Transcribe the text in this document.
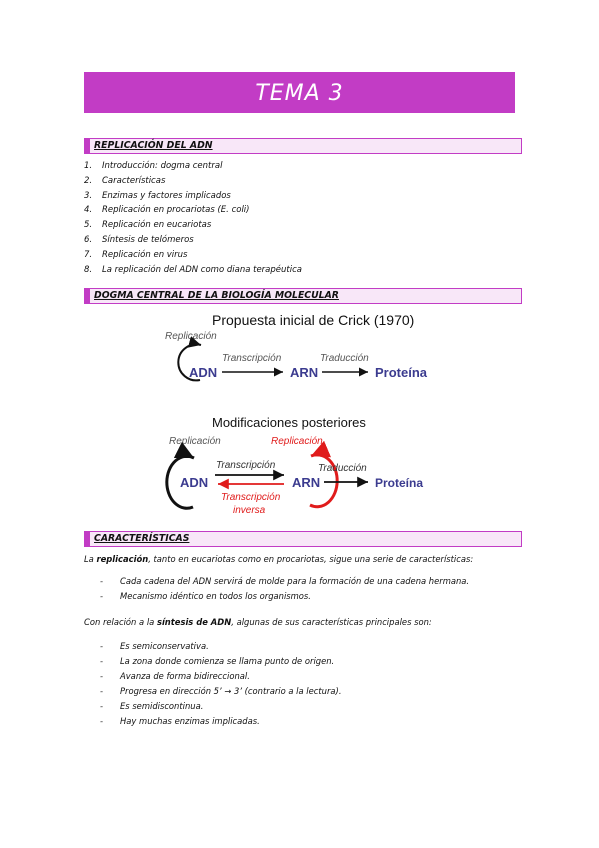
TEMA 3
REPLICACIÓN DEL ADN
1. Introducción: dogma central
2. Características
3. Enzimas y factores implicados
4. Replicación en procariotas (E. coli)
5. Replicación en eucariotas
6. Síntesis de telómeros
7. Replicación en virus
8. La replicación del ADN como diana terapéutica
DOGMA CENTRAL DE LA BIOLOGÍA MOLECULAR
Propuesta inicial de Crick (1970)
Replicación
ADN
Transcripción
ARN
Traducción
Proteína
Modificaciones posteriores
Replicación
ADN
Transcripción
Transcripción
inversa
Replicación
ARN
Traducción
Proteína
CARACTERÍSTICAS
La replicación, tanto en eucariotas como en procariotas, sigue una serie de características:
- Cada cadena del ADN servirá de molde para la formación de una cadena hermana.
- Mecanismo idéntico en todos los organismos.
Con relación a la síntesis de ADN, algunas de sus características principales son:
- Es semiconservativa.
- La zona donde comienza se llama punto de origen.
- Avanza de forma bidireccional.
- Progresa en dirección 5’ → 3’ (contrario a la lectura).
- Es semidiscontinua.
- Hay muchas enzimas implicadas.
